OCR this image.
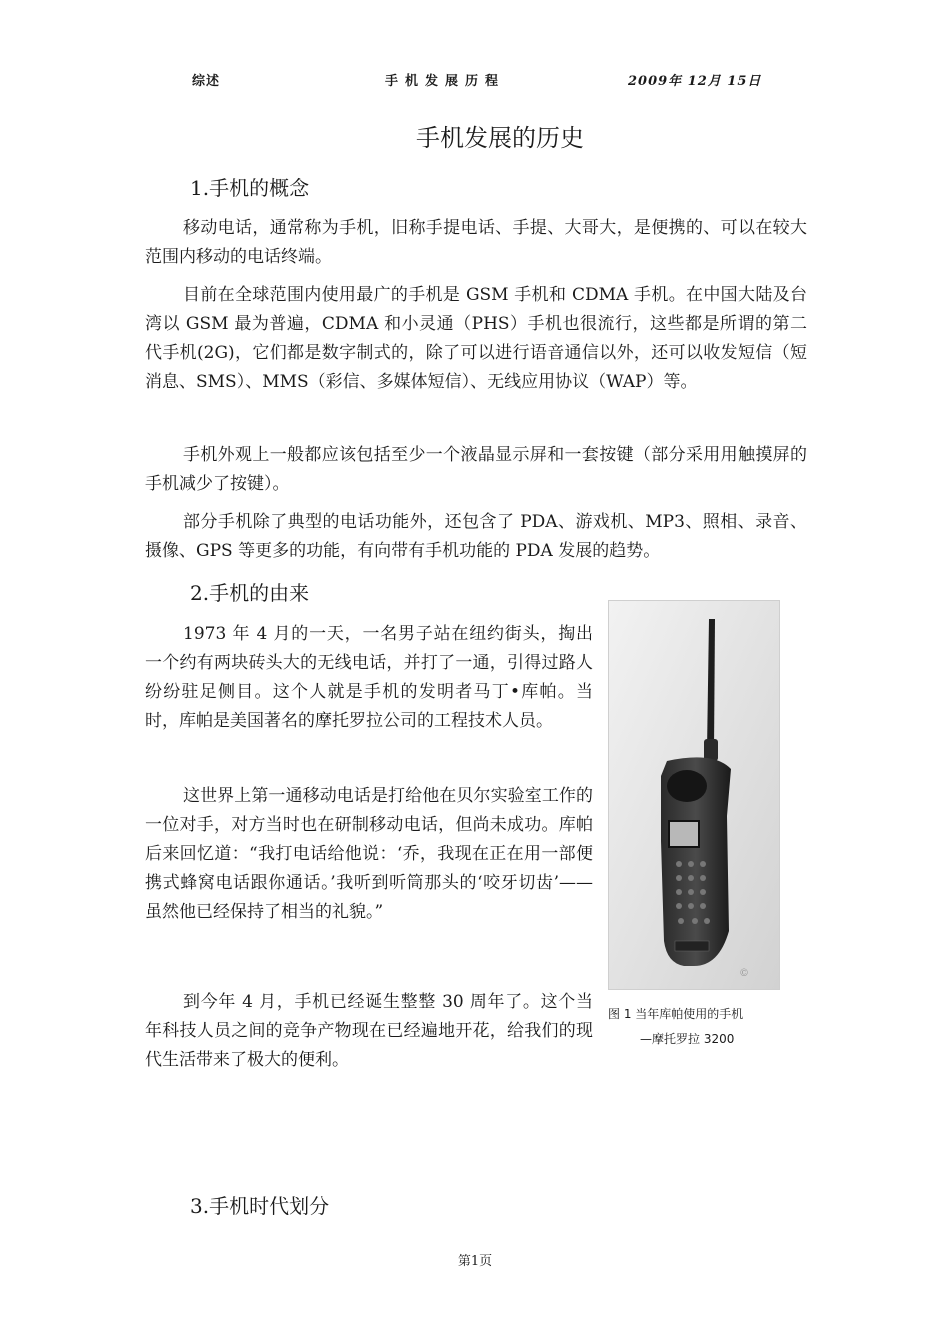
综述	手机发展历程	2009年 12月 15日
手机发展的历史
1.手机的概念
移动电话，通常称为手机，旧称手提电话、手提、大哥大，是便携的、可以在较大范围内移动的电话终端。
目前在全球范围内使用最广的手机是 GSM 手机和 CDMA 手机。在中国大陆及台湾以 GSM 最为普遍，CDMA 和小灵通（PHS）手机也很流行，这些都是所谓的第二代手机(2G)，它们都是数字制式的，除了可以进行语音通信以外，还可以收发短信（短消息、SMS）、MMS（彩信、多媒体短信）、无线应用协议（WAP）等。
手机外观上一般都应该包括至少一个液晶显示屏和一套按键（部分采用用触摸屏的手机减少了按键）。
部分手机除了典型的电话功能外，还包含了 PDA、游戏机、MP3、照相、录音、摄像、GPS 等更多的功能，有向带有手机功能的 PDA 发展的趋势。
2.手机的由来
1973 年 4 月的一天，一名男子站在纽约街头，掏出一个约有两块砖头大的无线电话，并打了一通，引得过路人纷纷驻足侧目。这个人就是手机的发明者马丁•库帕。当时，库帕是美国著名的摩托罗拉公司的工程技术人员。
这世界上第一通移动电话是打给他在贝尔实验室工作的一位对手，对方当时也在研制移动电话，但尚未成功。库帕后来回忆道：“我打电话给他说：‘乔，我现在正在用一部便携式蜂窝电话跟你通话。’我听到听筒那头的‘咬牙切齿’——虽然他已经保持了相当的礼貌。”
到今年 4 月，手机已经诞生整整 30 周年了。这个当年科技人员之间的竞争产物现在已经遍地开花，给我们的现代生活带来了极大的便利。
©
图 1 当年库帕使用的手机
—摩托罗拉 3200
3.手机时代划分
第1页
